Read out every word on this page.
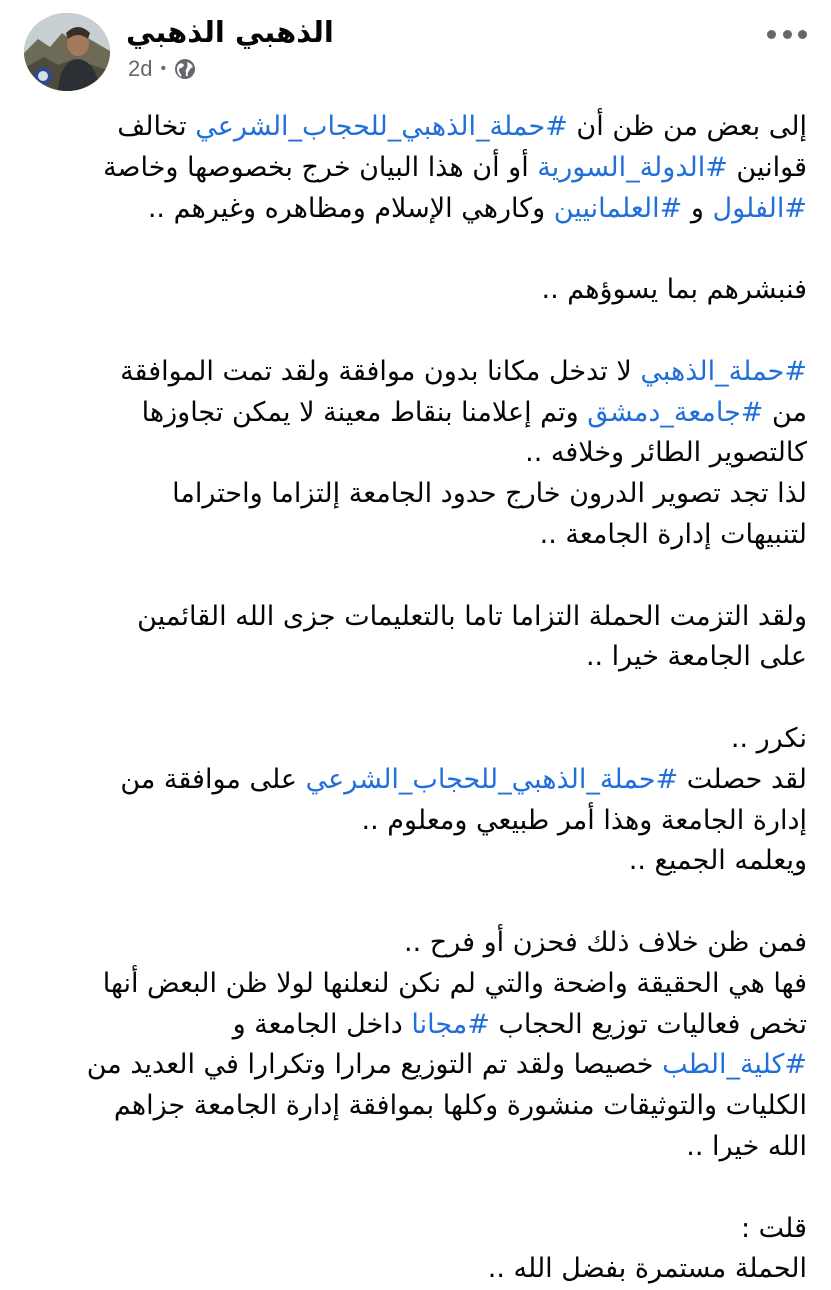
الذهبي الذهبي
2d •
إلى بعض من ظن أن #حملة_الذهبي_للحجاب_الشرعي تخالف
قوانين #الدولة_السورية أو أن هذا البيان خرج بخصوصها وخاصة
#الفلول و #العلمانيين وكارهي الإسلام ومظاهره وغيرهم ..
فنبشرهم بما يسوؤهم ..
#حملة_الذهبي لا تدخل مكانا بدون موافقة ولقد تمت الموافقة
من #جامعة_دمشق وتم إعلامنا بنقاط معينة لا يمكن تجاوزها
كالتصوير الطائر وخلافه ..
لذا تجد تصوير الدرون خارج حدود الجامعة إلتزاما واحتراما
لتنبيهات إدارة الجامعة ..
ولقد التزمت الحملة التزاما تاما بالتعليمات جزى الله القائمين
على الجامعة خيرا ..
نكرر ..
لقد حصلت #حملة_الذهبي_للحجاب_الشرعي على موافقة من
إدارة الجامعة وهذا أمر طبيعي ومعلوم ..
ويعلمه الجميع ..
فمن ظن خلاف ذلك فحزن أو فرح ..
فها هي الحقيقة واضحة والتي لم نكن لنعلنها لولا ظن البعض أنها
تخص فعاليات توزيع الحجاب #مجانا داخل الجامعة و
#كلية_الطب خصيصا ولقد تم التوزيع مرارا وتكرارا في العديد من
الكليات والتوثيقات منشورة وكلها بموافقة إدارة الجامعة جزاهم
الله خيرا ..
قلت :
الحملة مستمرة بفضل الله ..
